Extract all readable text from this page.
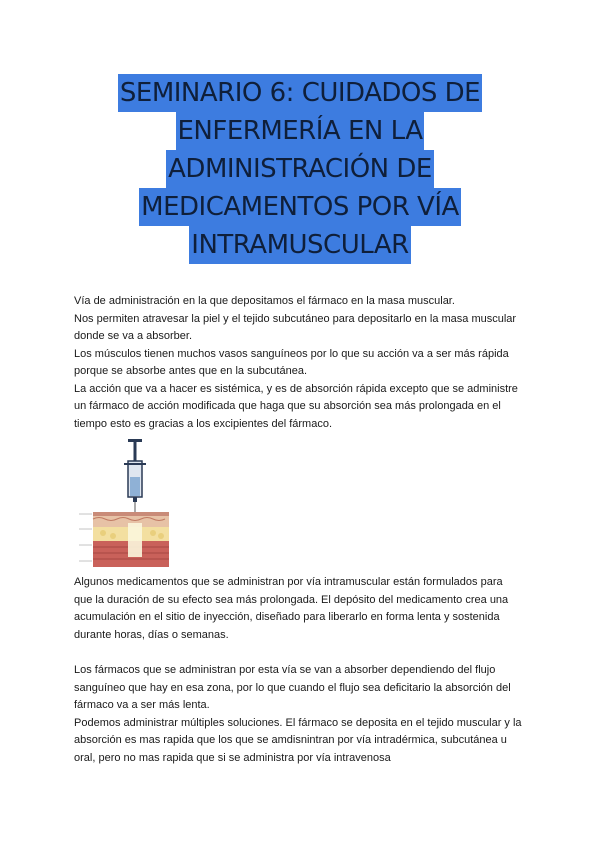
SEMINARIO 6: CUIDADOS DE
ENFERMERÍA EN LA
ADMINISTRACIÓN DE
MEDICAMENTOS POR VÍA
INTRAMUSCULAR

Vía de administración en la que depositamos el fármaco en la masa muscular.

Nos permiten atravesar la piel y el tejido subcutáneo para depositarlo en la masa muscular

donde se va a absorber.

Los músculos tienen muchos vasos sanguíneos por lo que su acción va a ser más rápida

porque se absorbe antes que en la subcutánea.

La acción que va a hacer es sistémica, y es de absorción rápida excepto que se administre

un fármaco de acción modificada que haga que su absorción sea más prolongada en el

tiempo esto es gracias a los excipientes del fármaco.

Algunos medicamentos que se administran por vía intramuscular están formulados para

que la duración de su efecto sea más prolongada. El depósito del medicamento crea una

acumulación en el sitio de inyección, diseñado para liberarlo en forma lenta y sostenida

durante horas, días o semanas.

Los fármacos que se administran por esta vía se van a absorber dependiendo del flujo

sanguíneo que hay en esa zona, por lo que cuando el flujo sea deficitario la absorción del

fármaco va a ser más lenta.

Podemos administrar múltiples soluciones. El fármaco se deposita en el tejido muscular y la

absorción es mas rapida que los que se amdisnintran por vía intradérmica, subcutánea u

oral, pero no mas rapida que si se administra por vía intravenosa
